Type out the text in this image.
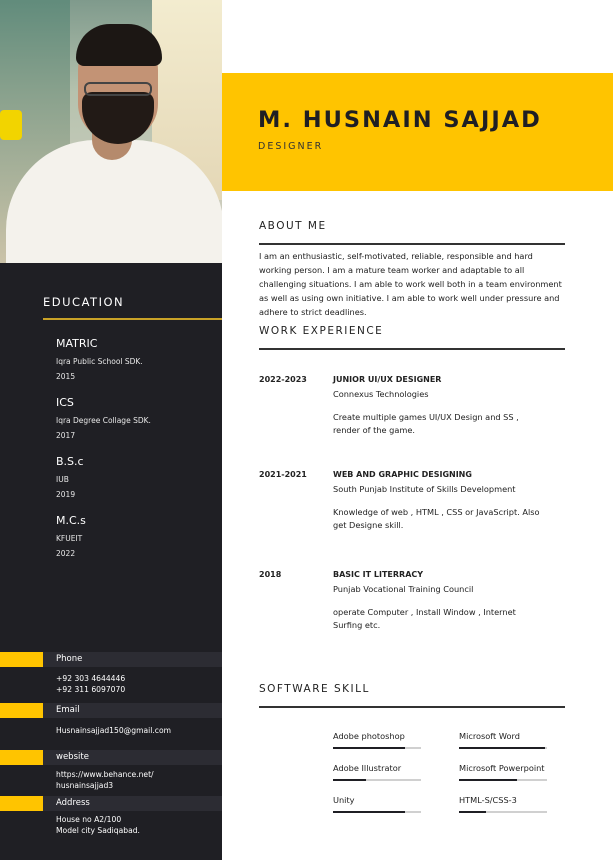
EDUCATION
MATRIC
Iqra Public School SDK.
2015
ICS
Iqra Degree Collage SDK.
2017
B.S.c
IUB
2019
M.C.s
KFUEIT
2022
Phone
+92 303 4644446
+92 311 6097070
Email
Husnainsajjad150@gmail.com
website
https://www.behance.net/
husnainsajjad3
Address
House no A2/100
Model city Sadiqabad.
M. HUSNAIN SAJJAD
DESIGNER
ABOUT ME
I am an enthusiastic, self-motivated, reliable, responsible and hard working person. I am a mature team worker and adaptable to all challenging situations. I am able to work well both in a team environment as well as using own initiative. I am able to work well under pressure and adhere to strict deadlines.
WORK EXPERIENCE
2022-2023	JUNIOR UI/UX DESIGNER
Connexus Technologies
Create multiple games UI/UX Design and SS , render of the game.
2021-2021	WEB AND GRAPHIC DESIGNING
South Punjab Institute of Skills Development
Knowledge of web , HTML , CSS or JavaScript. Also get Designe skill.
2018	BASIC IT LITERRACY
Punjab Vocational Training Council
operate Computer , Install Window , Internet Surfing etc.
SOFTWARE SKILL
Adobe photoshop	Microsoft Word
Adobe Illustrator	Microsoft Powerpoint
Unity	HTML-S/CSS-3
